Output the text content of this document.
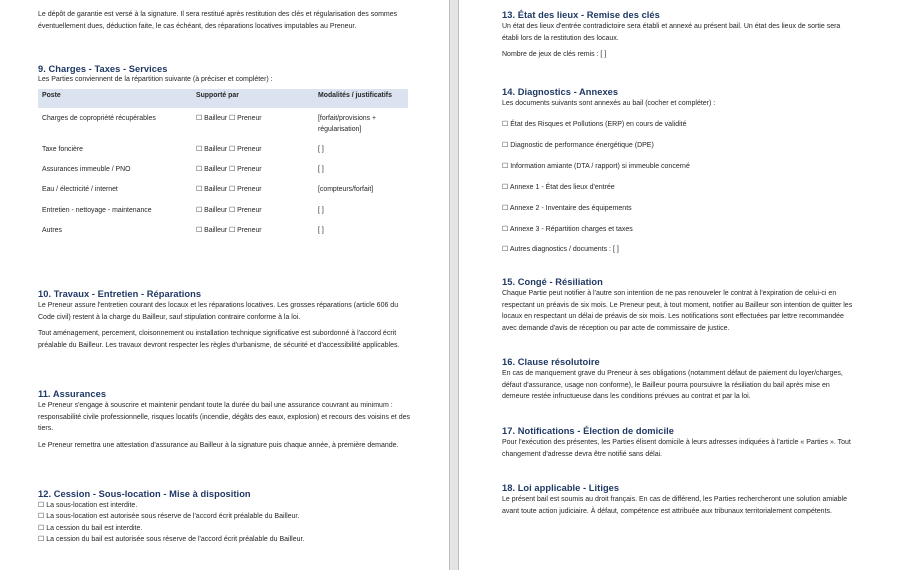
Le dépôt de garantie est versé à la signature. Il sera restitué après restitution des clés et régularisation des sommes éventuellement dues, déduction faite, le cas échéant, des réparations locatives imputables au Preneur.

9. Charges - Taxes - Services

Les Parties conviennent de la répartition suivante (à préciser et compléter) :

Poste	Supporté par	Modalités / justificatifs
Charges de copropriété récupérables	☐ Bailleur ☐ Preneur	[forfait/provisions + régularisation]
Taxe foncière	☐ Bailleur ☐ Preneur	[ ]
Assurances immeuble / PNO	☐ Bailleur ☐ Preneur	[ ]
Eau / électricité / internet	☐ Bailleur ☐ Preneur	[compteurs/forfait]
Entretien - nettoyage - maintenance	☐ Bailleur ☐ Preneur	[ ]
Autres	☐ Bailleur ☐ Preneur	[ ]
10. Travaux - Entretien - Réparations

Le Preneur assure l'entretien courant des locaux et les réparations locatives. Les grosses réparations (article 606 du Code civil) restent à la charge du Bailleur, sauf stipulation contraire conforme à la loi.

Tout aménagement, percement, cloisonnement ou installation technique significative est subordonné à l'accord écrit préalable du Bailleur. Les travaux devront respecter les règles d'urbanisme, de sécurité et d'accessibilité applicables.

11. Assurances

Le Preneur s'engage à souscrire et maintenir pendant toute la durée du bail une assurance couvrant au minimum : responsabilité civile professionnelle, risques locatifs (incendie, dégâts des eaux, explosion) et recours des voisins et des tiers.

Le Preneur remettra une attestation d'assurance au Bailleur à la signature puis chaque année, à première demande.

12. Cession - Sous-location - Mise à disposition

☐ La sous-location est interdite.

☐ La sous-location est autorisée sous réserve de l'accord écrit préalable du Bailleur.

☐ La cession du bail est interdite.

☐ La cession du bail est autorisée sous réserve de l'accord écrit préalable du Bailleur.

13. État des lieux - Remise des clés

Un état des lieux d'entrée contradictoire sera établi et annexé au présent bail. Un état des lieux de sortie sera établi lors de la restitution des locaux.

Nombre de jeux de clés remis : [ ]

14. Diagnostics - Annexes

Les documents suivants sont annexés au bail (cocher et compléter) :

☐ État des Risques et Pollutions (ERP) en cours de validité

☐ Diagnostic de performance énergétique (DPE)

☐ Information amiante (DTA / rapport) si immeuble concerné

☐ Annexe 1 - État des lieux d'entrée

☐ Annexe 2 - Inventaire des équipements

☐ Annexe 3 - Répartition charges et taxes

☐ Autres diagnostics / documents : [ ]

15. Congé - Résiliation

Chaque Partie peut notifier à l'autre son intention de ne pas renouveler le contrat à l'expiration de celui-ci en respectant un préavis de six mois. Le Preneur peut, à tout moment, notifier au Bailleur son intention de quitter les locaux en respectant un délai de préavis de six mois. Les notifications sont effectuées par lettre recommandée avec demande d'avis de réception ou par acte de commissaire de justice.

16. Clause résolutoire

En cas de manquement grave du Preneur à ses obligations (notamment défaut de paiement du loyer/charges, défaut d'assurance, usage non conforme), le Bailleur pourra poursuivre la résiliation du bail après mise en demeure restée infructueuse dans les conditions prévues au contrat et par la loi.

17. Notifications - Élection de domicile

Pour l'exécution des présentes, les Parties élisent domicile à leurs adresses indiquées à l'article « Parties ». Tout changement d'adresse devra être notifié sans délai.

18. Loi applicable - Litiges

Le présent bail est soumis au droit français. En cas de différend, les Parties rechercheront une solution amiable avant toute action judiciaire. À défaut, compétence est attribuée aux tribunaux territorialement compétents.
